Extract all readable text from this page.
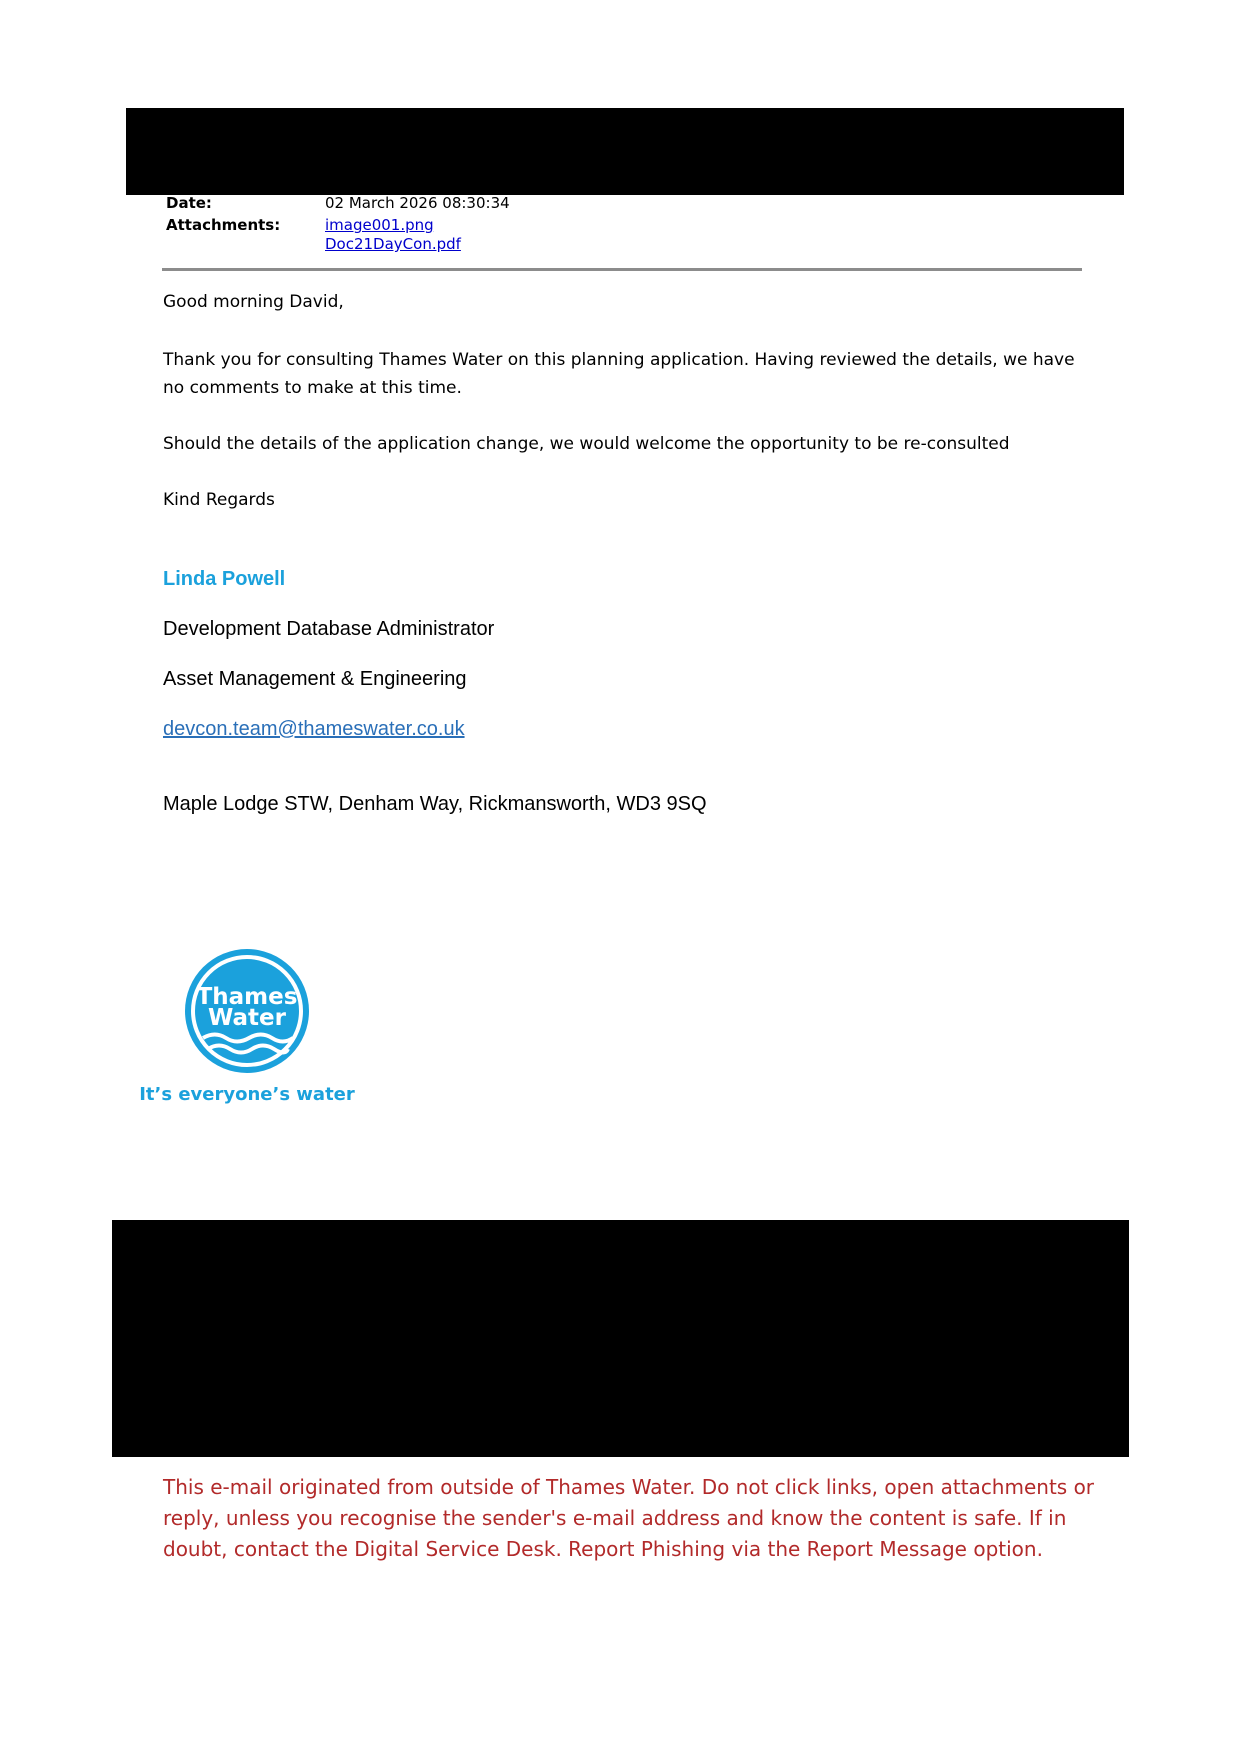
Date:	02 March 2026 08:30:34
Attachments:	image001.png
Doc21DayCon.pdf
Good morning David,
Thank you for consulting Thames Water on this planning application. Having reviewed the details, we have no comments to make at this time.
Should the details of the application change, we would welcome the opportunity to be re-consulted
Kind Regards
Linda Powell
Development Database Administrator
Asset Management & Engineering
devcon.team@thameswater.co.uk
Maple Lodge STW, Denham Way, Rickmansworth, WD3 9SQ
Thames
Water
It’s everyone’s water
This e-mail originated from outside of Thames Water. Do not click links, open attachments or reply, unless you recognise the sender's e-mail address and know the content is safe. If in doubt, contact the Digital Service Desk. Report Phishing via the Report Message option.
